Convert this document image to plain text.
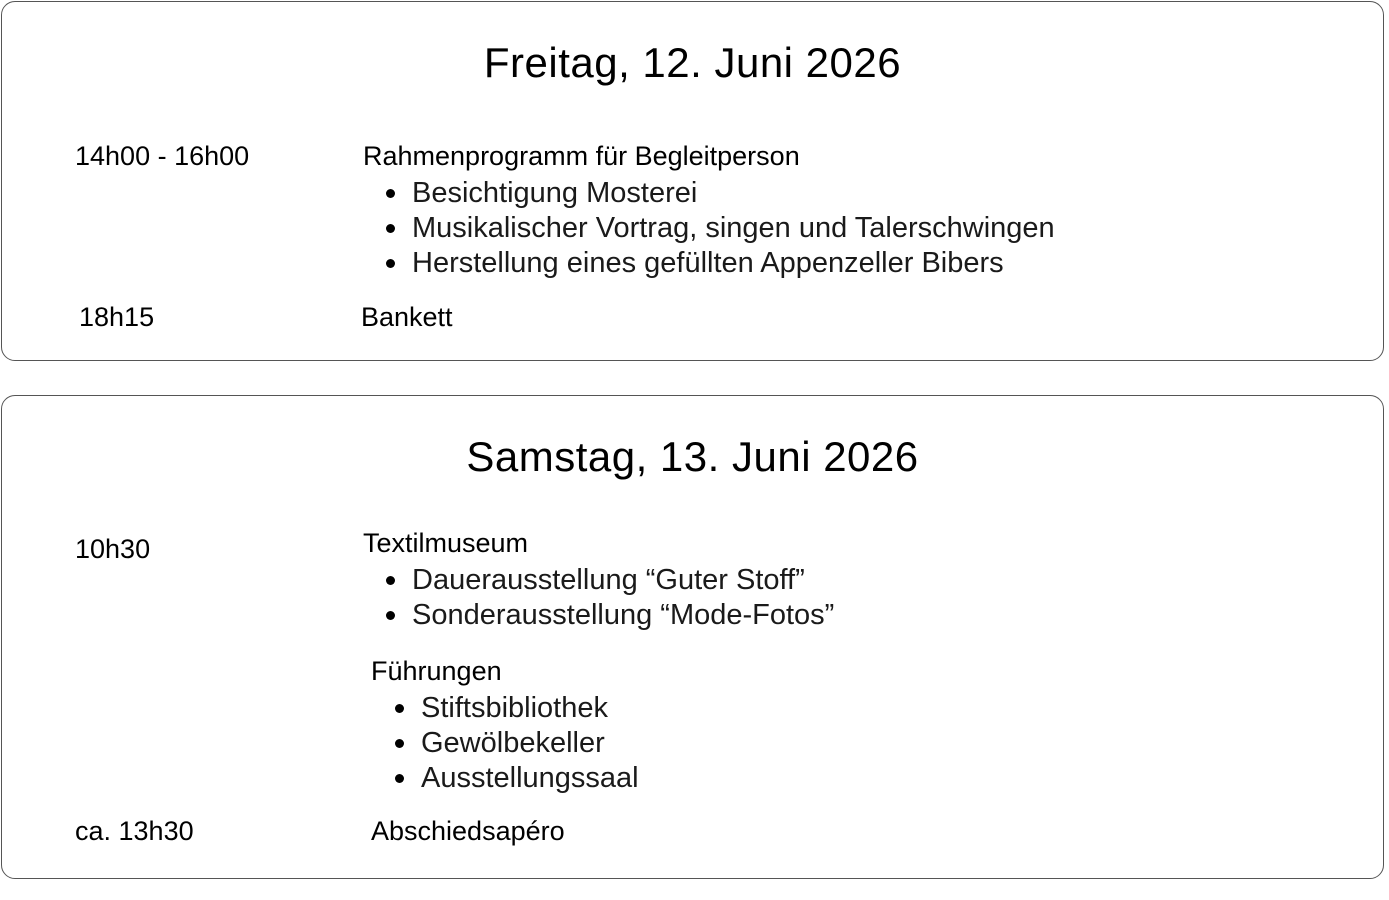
Freitag, 12. Juni 2026
14h00 - 16h00	Rahmenprogramm für Begleitperson
Besichtigung Mosterei
Musikalischer Vortrag, singen und Talerschwingen
Herstellung eines gefüllten Appenzeller Bibers
18h15	Bankett
Samstag, 13. Juni 2026
10h30	Textilmuseum
Dauerausstellung “Guter Stoff”
Sonderausstellung “Mode-Fotos”
Führungen
Stiftsbibliothek
Gewölbekeller
Ausstellungssaal
ca. 13h30	Abschiedsapéro
